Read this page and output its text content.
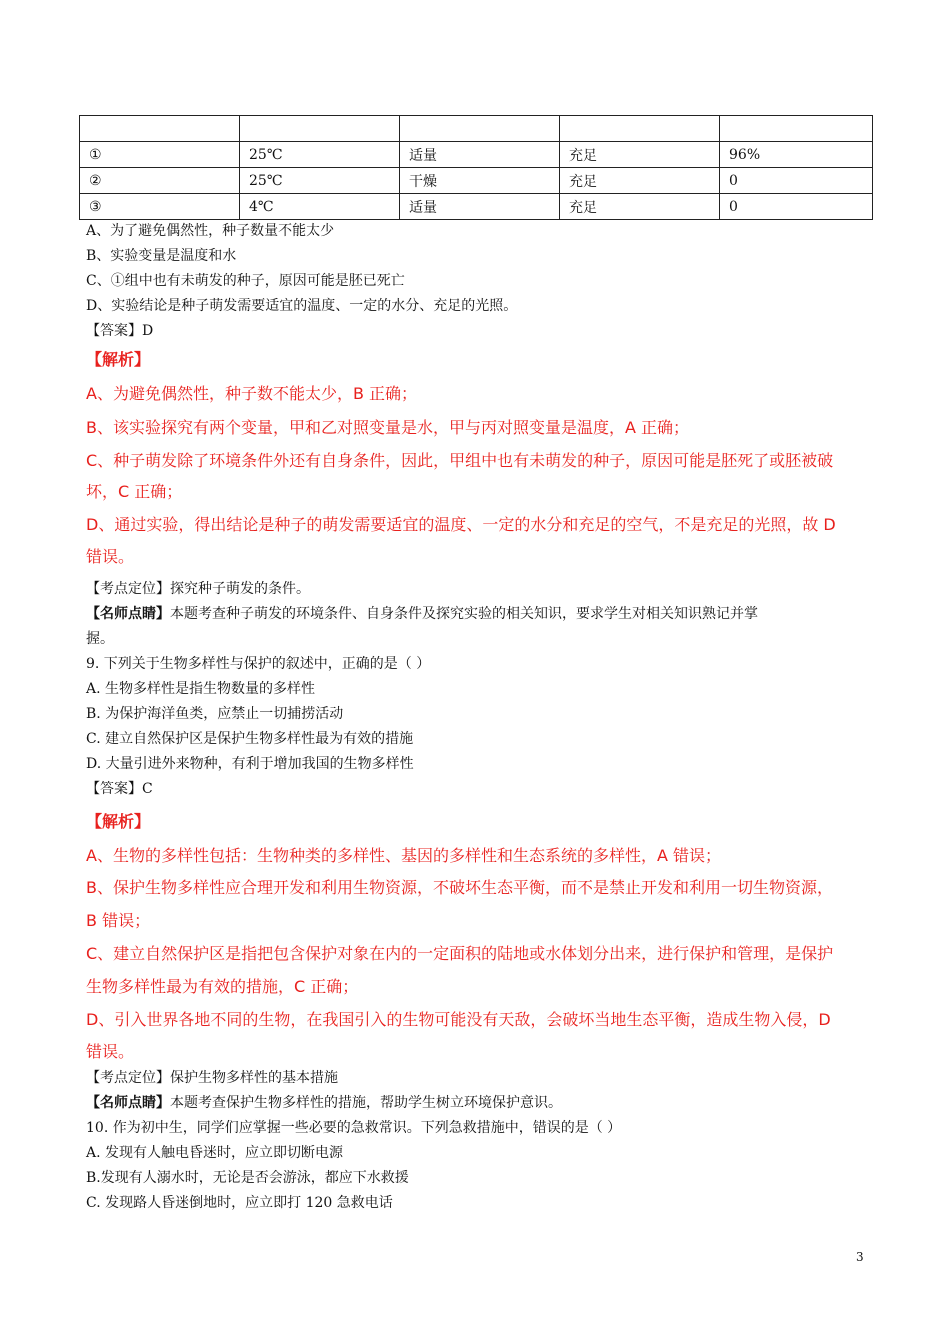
①	25℃	适量	充足	96%
②	25℃	干燥	充足	0
③	4℃	适量	充足	0
A、为了避免偶然性，种子数量不能太少
B、实验变量是温度和水
C、①组中也有未萌发的种子，原因可能是胚已死亡
D、实验结论是种子萌发需要适宜的温度、一定的水分、充足的光照。
【答案】D
【解析】
A、为避免偶然性，种子数不能太少，B 正确；
B、该实验探究有两个变量，甲和乙对照变量是水，甲与丙对照变量是温度，A 正确；
C、种子萌发除了环境条件外还有自身条件，因此，甲组中也有未萌发的种子，原因可能是胚死了或胚被破
坏，C 正确；
D、通过实验，得出结论是种子的萌发需要适宜的温度、一定的水分和充足的空气，不是充足的光照，故 D
错误。
【考点定位】探究种子萌发的条件。
【名师点睛】本题考查种子萌发的环境条件、自身条件及探究实验的相关知识，要求学生对相关知识熟记并掌
握。
9. 下列关于生物多样性与保护的叙述中，正确的是（ ）
A. 生物多样性是指生物数量的多样性
B. 为保护海洋鱼类，应禁止一切捕捞活动
C. 建立自然保护区是保护生物多样性最为有效的措施
D. 大量引进外来物种，有利于增加我国的生物多样性
【答案】C
【解析】
A、生物的多样性包括：生物种类的多样性、基因的多样性和生态系统的多样性，A 错误；
B、保护生物多样性应合理开发和利用生物资源，不破坏生态平衡，而不是禁止开发和利用一切生物资源，
B 错误；
C、建立自然保护区是指把包含保护对象在内的一定面积的陆地或水体划分出来，进行保护和管理，是保护
生物多样性最为有效的措施，C 正确；
D、引入世界各地不同的生物，在我国引入的生物可能没有天敌，会破坏当地生态平衡，造成生物入侵，D
错误。
【考点定位】保护生物多样性的基本措施
【名师点睛】本题考查保护生物多样性的措施，帮助学生树立环境保护意识。
10. 作为初中生，同学们应掌握一些必要的急救常识。下列急救措施中，错误的是（ ）
A. 发现有人触电昏迷时，应立即切断电源
B.发现有人溺水时，无论是否会游泳，都应下水救援
C. 发现路人昏迷倒地时，应立即打 120 急救电话
3
